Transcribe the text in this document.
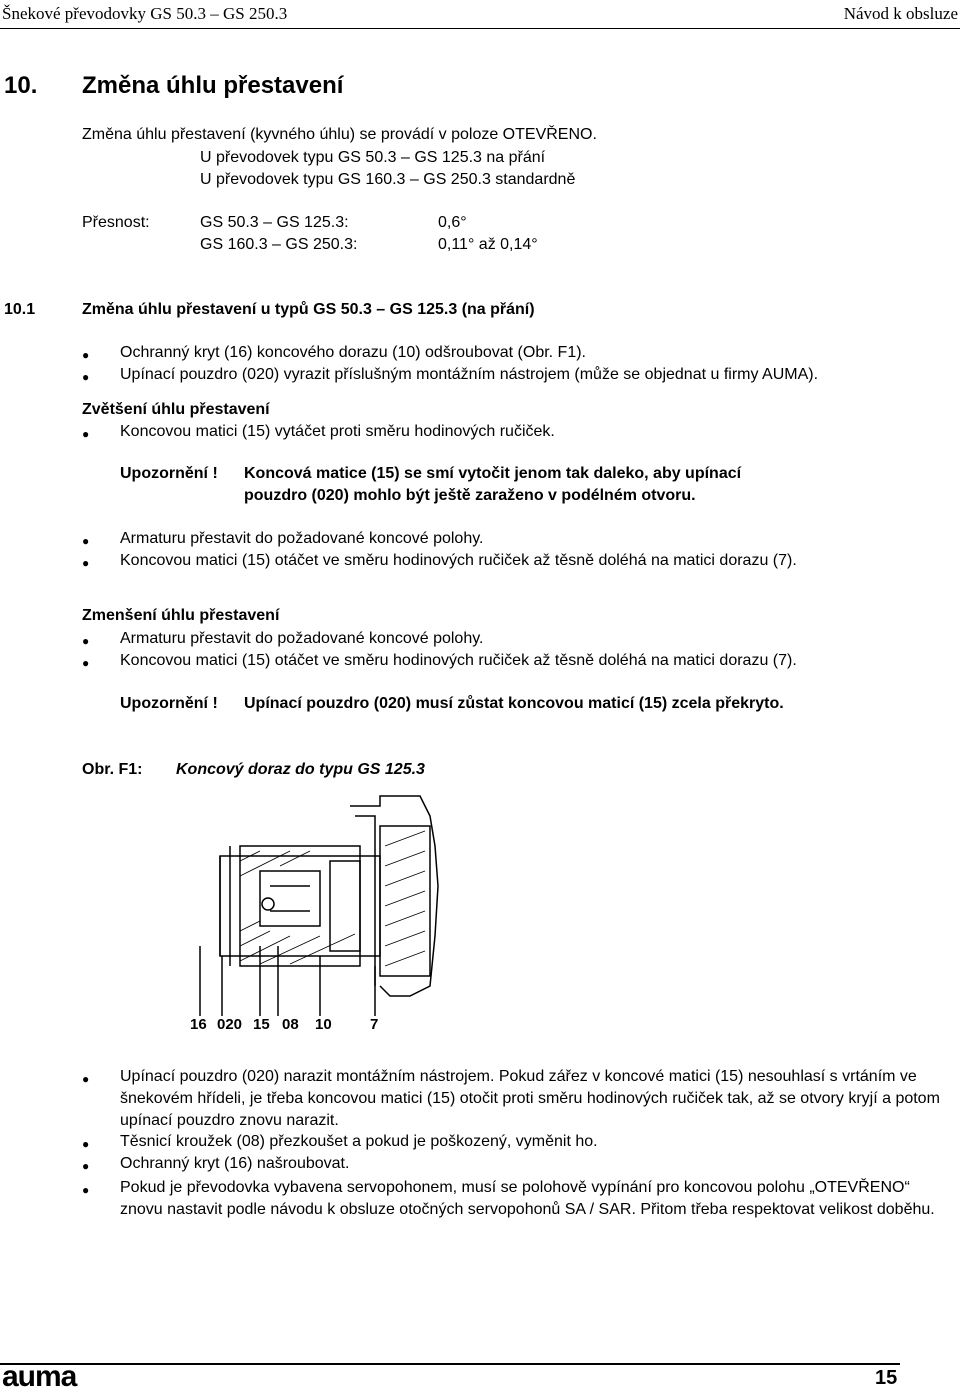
Šnekové převodovky GS 50.3 – GS 250.3	Návod k obsluze
10. Změna úhlu přestavení
Změna úhlu přestavení (kyvného úhlu) se provádí v poloze OTEVŘENO.
U převodovek typu GS 50.3 – GS 125.3 na přání
U převodovek typu GS 160.3 – GS 250.3 standardně
Přesnost:	GS 50.3 – GS 125.3:	0,6°
GS 160.3 – GS 250.3:	0,11° až 0,14°
10.1	Změna úhlu přestavení u typů GS 50.3 – GS 125.3 (na přání)
● Ochranný kryt (16) koncového dorazu (10) odšroubovat (Obr. F1).
● Upínací pouzdro (020) vyrazit příslušným montážním nástrojem (může se objednat u firmy AUMA).
Zvětšení úhlu přestavení
● Koncovou matici (15) vytáčet proti směru hodinových ručiček.
Upozornění ! Koncová matice (15) se smí vytočit jenom tak daleko, aby upínací
pouzdro (020) mohlo být ještě zaraženo v podélném otvoru.
● Armaturu přestavit do požadované koncové polohy.
● Koncovou matici (15) otáčet ve směru hodinových ručiček až těsně doléhá na matici dorazu (7).
Zmenšení úhlu přestavení
● Armaturu přestavit do požadované koncové polohy.
● Koncovou matici (15) otáčet ve směru hodinových ručiček až těsně doléhá na matici dorazu (7).
Upozornění ! Upínací pouzdro (020) musí zůstat koncovou maticí (15) zcela překryto.
Obr. F1: Koncový doraz do typu GS 125.3
16 020 15 08 10	7
● Upínací pouzdro (020) narazit montážním nástrojem. Pokud zářez v koncové matici (15) nesouhlasí s vrtáním ve šnekovém hřídeli, je třeba koncovou matici (15) otočit proti směru hodinových ručiček tak, až se otvory kryjí a potom upínací pouzdro znovu narazit.
● Těsnicí kroužek (08) přezkoušet a pokud je poškozený, vyměnit ho.
● Ochranný kryt (16) našroubovat.
● Pokud je převodovka vybavena servopohonem, musí se polohově vypínání pro koncovou polohu „OTEVŘENO“ znovu nastavit podle návodu k obsluze otočných servopohonů SA / SAR. Přitom třeba respektovat velikost doběhu.
auma	15
